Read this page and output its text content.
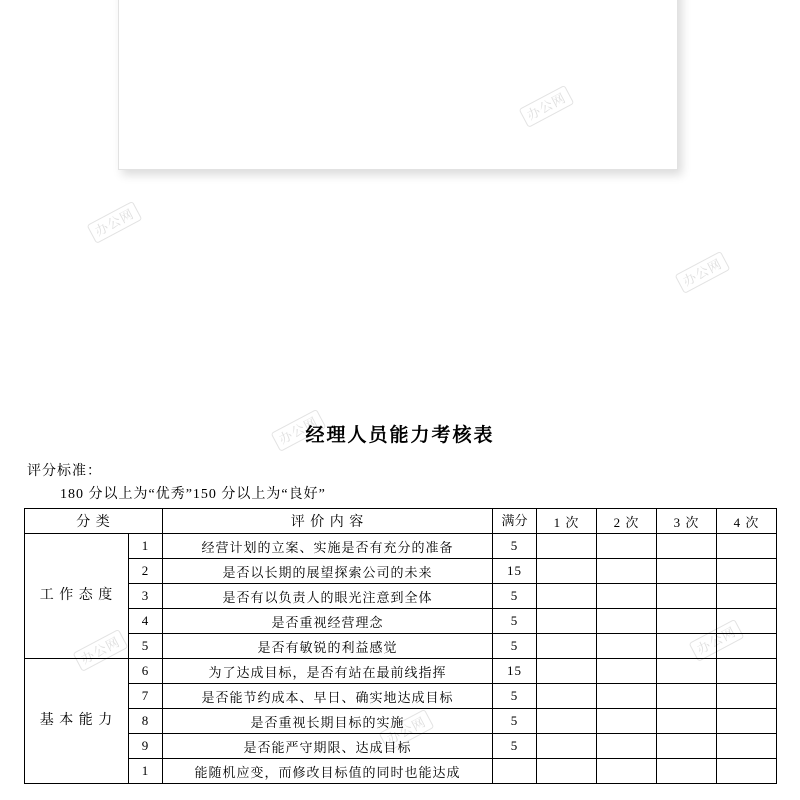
办公网
办公网
办公网
办公网
办公网
办公网
办公网
经理人员能力考核表
评分标准：
180 分以上为“优秀”150 分以上为“良好”
分 类		评 价 内 容	满分	1 次	2 次	3 次	4 次
工 作 态 度	1	经营计划的立案、实施是否有充分的准备	5				
	2	是否以长期的展望探索公司的未来	15				
	3	是否有以负责人的眼光注意到全体	5				
	4	是否重视经营理念	5				
	5	是否有敏锐的利益感觉	5				
基 本 能 力	6	为了达成目标，是否有站在最前线指挥	15				
	7	是否能节约成本、早日、确实地达成目标	5				
	8	是否重视长期目标的实施	5				
	9	是否能严守期限、达成目标	5				
	1	能随机应变，而修改目标值的同时也能达成					
